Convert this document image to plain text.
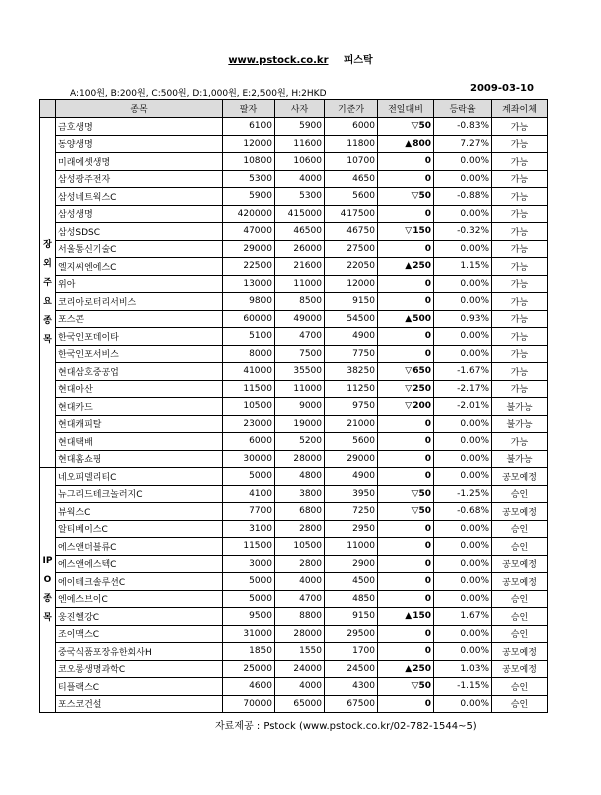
www.pstock.co.kr 피스탁
A:100원, B:200원, C:500원, D:1,000원, E:2,500원, H:2HKD	2009-03-10
	종목	팔자	사자	기준가	전일대비	등락율	계좌이체
장외주요종목	금호생명	6100	5900	6000	▽50	-0.83%	가능
	동양생명	12000	11600	11800	▲800	7.27%	가능
	미래에셋생명	10800	10600	10700	0	0.00%	가능
	삼성광주전자	5300	4000	4650	0	0.00%	가능
	삼성네트웍스C	5900	5300	5600	▽50	-0.88%	가능
	삼성생명	420000	415000	417500	0	0.00%	가능
	삼성SDSC	47000	46500	46750	▽150	-0.32%	가능
	서울통신기술C	29000	26000	27500	0	0.00%	가능
	엘지씨엔에스C	22500	21600	22050	▲250	1.15%	가능
	위아	13000	11000	12000	0	0.00%	가능
	코리아로터리서비스	9800	8500	9150	0	0.00%	가능
	포스콘	60000	49000	54500	▲500	0.93%	가능
	한국인포데이타	5100	4700	4900	0	0.00%	가능
	한국인포서비스	8000	7500	7750	0	0.00%	가능
	현대삼호중공업	41000	35500	38250	▽650	-1.67%	가능
	현대아산	11500	11000	11250	▽250	-2.17%	가능
	현대카드	10500	9000	9750	▽200	-2.01%	불가능
	현대캐피탈	23000	19000	21000	0	0.00%	불가능
	현대택배	6000	5200	5600	0	0.00%	가능
	현대홈쇼핑	30000	28000	29000	0	0.00%	불가능
IPO종목	네오피델리티C	5000	4800	4900	0	0.00%	공모예정
	뉴그리드테크놀러지C	4100	3800	3950	▽50	-1.25%	승인
	뷰웍스C	7700	6800	7250	▽50	-0.68%	공모예정
	알티베이스C	3100	2800	2950	0	0.00%	승인
	에스앤더블류C	11500	10500	11000	0	0.00%	승인
	에스앤에스텍C	3000	2800	2900	0	0.00%	공모예정
	에이테크솔루션C	5000	4000	4500	0	0.00%	공모예정
	엔에스브이C	5000	4700	4850	0	0.00%	승인
	웅진헬강C	9500	8800	9150	▲150	1.67%	승인
	조이맥스C	31000	28000	29500	0	0.00%	승인
	중국식품포장유한회사H	1850	1550	1700	0	0.00%	공모예정
	코오롱생명과학C	25000	24000	24500	▲250	1.03%	공모예정
	티플랙스C	4600	4000	4300	▽50	-1.15%	승인
	포스코건설	70000	65000	67500	0	0.00%	승인
자료제공 : Pstock (www.pstock.co.kr/02-782-1544~5)
